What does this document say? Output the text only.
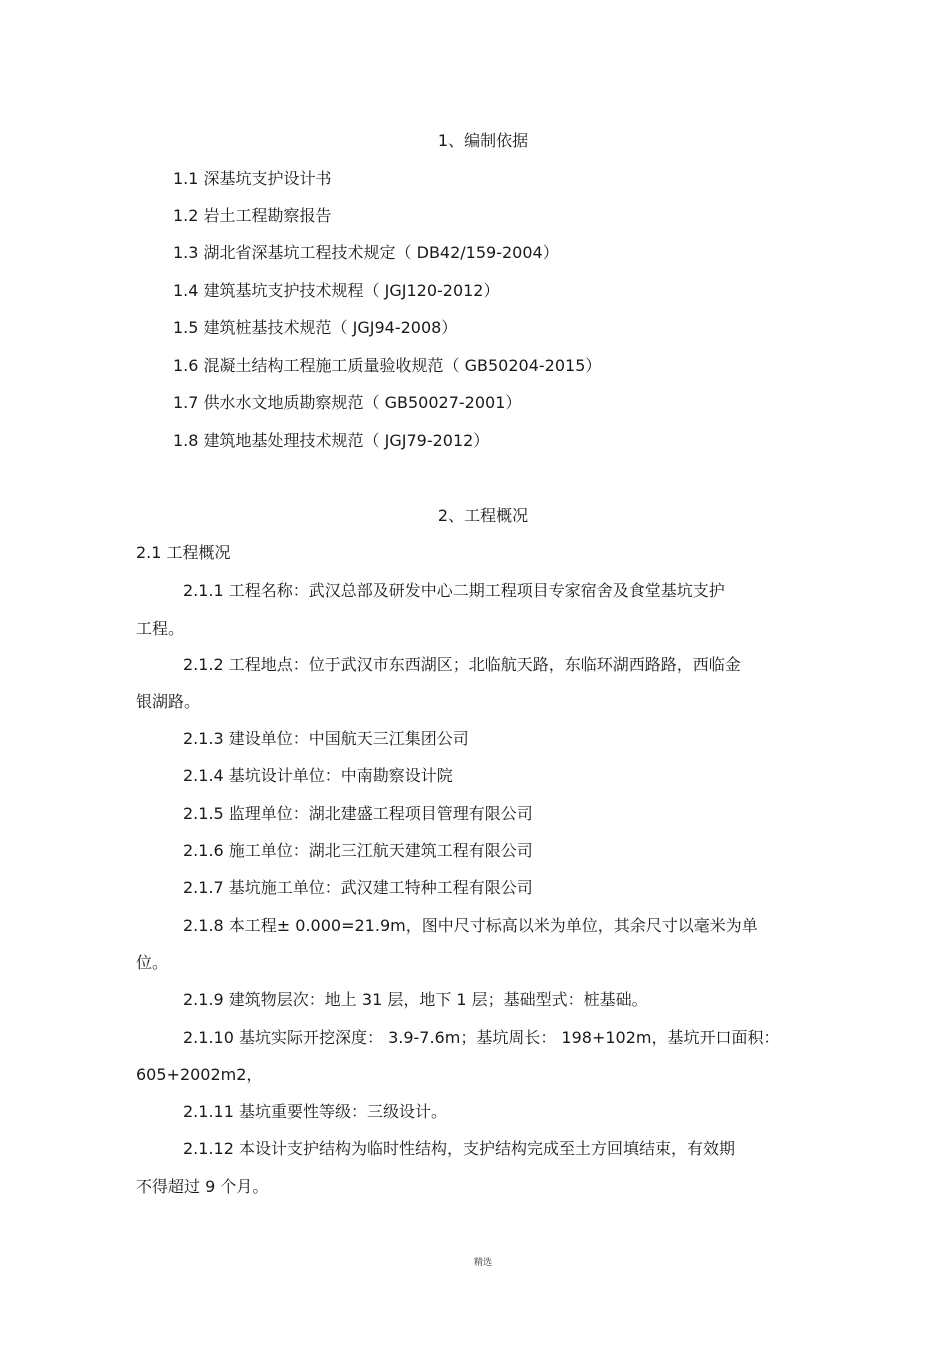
1、编制依据
1.1 深基坑支护设计书
1.2 岩土工程勘察报告
1.3 湖北省深基坑工程技术规定（ DB42/159-2004）
1.4 建筑基坑支护技术规程（ JGJ120-2012）
1.5 建筑桩基技术规范（ JGJ94-2008）
1.6 混凝土结构工程施工质量验收规范（ GB50204-2015）
1.7 供水水文地质勘察规范（ GB50027-2001）
1.8 建筑地基处理技术规范（ JGJ79-2012）
2、工程概况
2.1 工程概况
2.1.1 工程名称：武汉总部及研发中心二期工程项目专家宿舍及食堂基坑支护
工程。
2.1.2 工程地点：位于武汉市东西湖区；北临航天路，东临环湖西路路，西临金
银湖路。
2.1.3 建设单位：中国航天三江集团公司
2.1.4 基坑设计单位：中南勘察设计院
2.1.5 监理单位：湖北建盛工程项目管理有限公司
2.1.6 施工单位：湖北三江航天建筑工程有限公司
2.1.7 基坑施工单位：武汉建工特种工程有限公司
2.1.8 本工程± 0.000=21.9m，图中尺寸标高以米为单位，其余尺寸以毫米为单
位。
2.1.9 建筑物层次：地上 31 层，地下 1 层；基础型式：桩基础。
2.1.10 基坑实际开挖深度： 3.9-7.6m；基坑周长： 198+102m，基坑开口面积：
605+2002m2，
2.1.11 基坑重要性等级：三级设计。
2.1.12 本设计支护结构为临时性结构，支护结构完成至土方回填结束，有效期
不得超过 9 个月。
精选
